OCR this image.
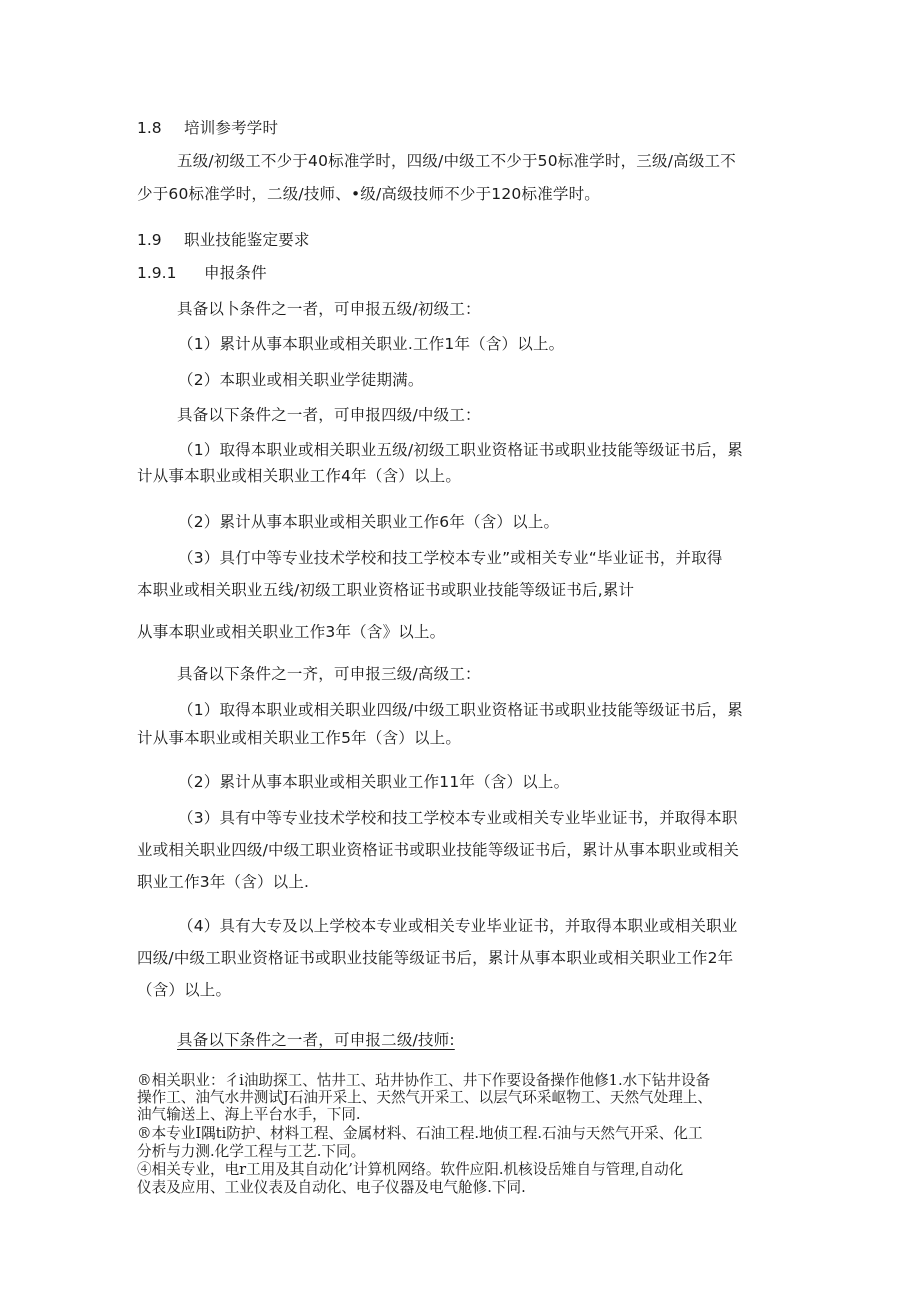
1.8 培训参考学时
五级/初级工不少于40标准学时，四级/中级工不少于50标准学时，三级/高级工不
少于60标准学时，二级/技师、•级/高级技师不少于120标准学时。
1.9 职业技能鉴定要求
1.9.1 申报条件
具备以卜条件之一者，可申报五级/初级工：
（1）累计从事本职业或相关职业.工作1年（含）以上。
（2）本职业或相关职业学徒期满。
具备以下条件之一者，可申报四级/中级工：
（1）取得本职业或相关职业五级/初级工职业资格证书或职业技能等级证书后，累
计从事本职业或相关职业工作4年（含）以上。
（2）累计从事本职业或相关职业工作6年（含）以上。
（3）具仃中等专业技术学校和技工学校本专业”或相关专业“毕业证书，并取得
本职业或相关职业五线/初级工职业资格证书或职业技能等级证书后,累计
从事本职业或相关职业工作3年（含》以上。
具备以下条件之一齐，可申报三级/高级工：
（1）取得本职业或相关职业四级/中级工职业资格证书或职业技能等级证书后，累
计从事本职业或相关职业工作5年（含）以上。
（2）累计从事本职业或相关职业工作11年（含）以上。
（3）具有中等专业技术学校和技工学校本专业或相关专业毕业证书，并取得本职
业或相关职业四级/中级工职业资格证书或职业技能等级证书后，累计从事本职业或相关
职业工作3年（含）以上.
（4）具有大专及以上学校本专业或相关专业毕业证书，并取得本职业或相关职业
四级/中级工职业资格证书或职业技能等级证书后，累计从事本职业或相关职业工作2年
（含）以上。
具备以下条件之一者，可申报二级/技师:
®相关职业：彳i油助探工、怙井工、玷井协作工、井下作要设备操作他修1.水下钻井设备
操作工、油气水井测试J石油开采上、天然气开采工、以层气环采岖物工、天然气处理上、
油气输送上、海上平台水手，下同.
®本专业I隅ti防护、材料工程、金属材料、石油工程.地侦工程.石油与天然气开采、化工
分析与力测.化学工程与工艺.下同。
④相关专业，电r工用及其自动化’计算机网络。软件应阳.机核设岳雉自与管理,自动化
仪表及应用、工业仪表及自动化、电子仪器及电气舱修.下同.
